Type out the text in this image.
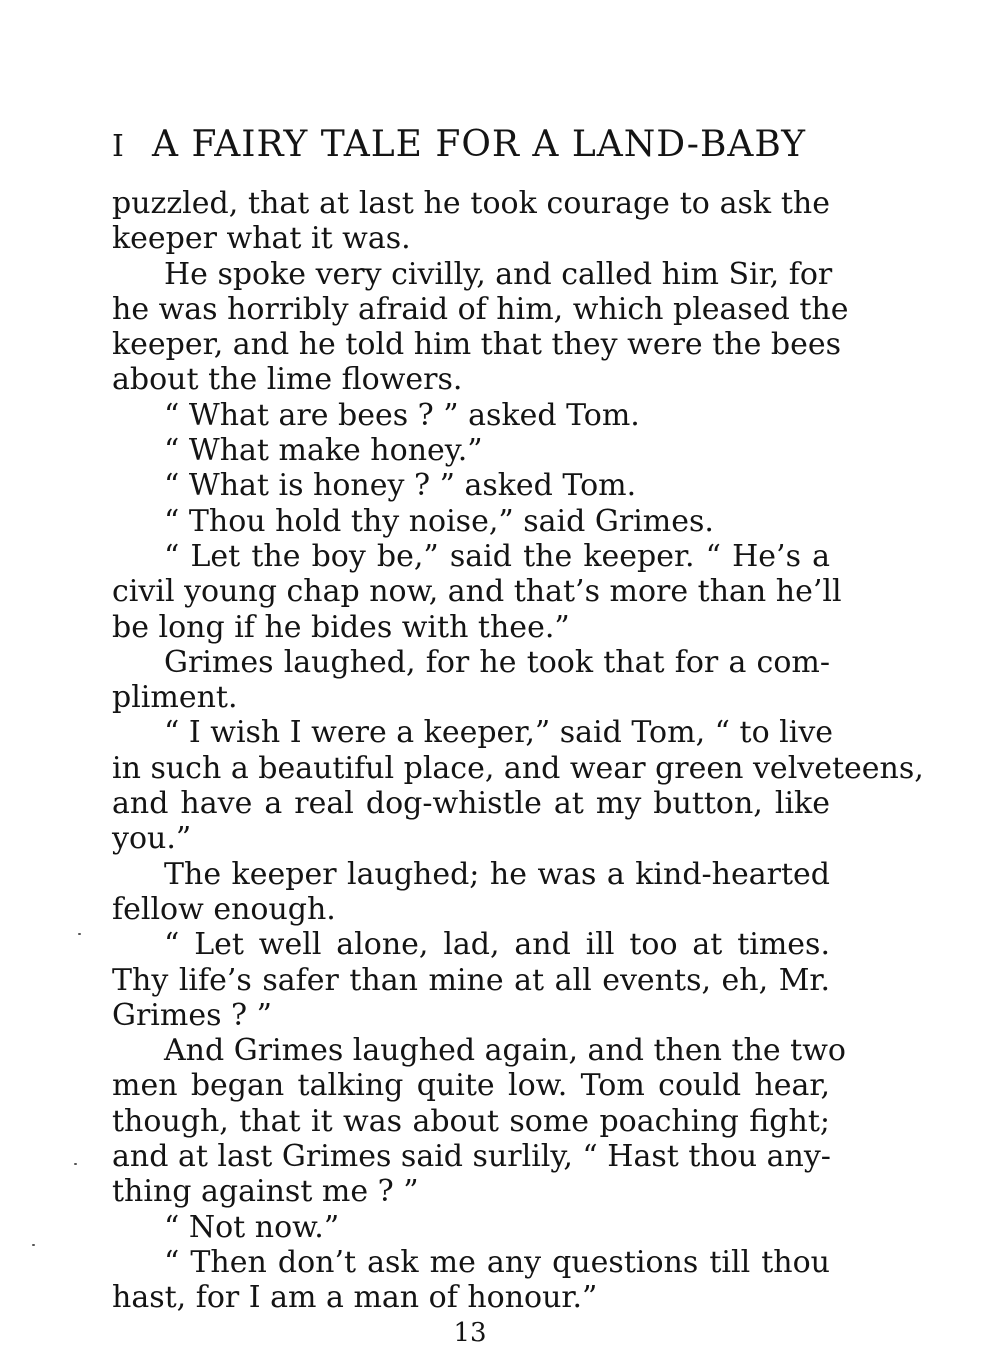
I A FAIRY TALE FOR A LAND-BABY
puzzled, that at last he took courage to ask the
keeper what it was.
He spoke very civilly, and called him Sir, for
he was horribly afraid of him, which pleased the
keeper, and he told him that they were the bees
about the lime flowers.
“ What are bees ? ” asked Tom.
“ What make honey.”
“ What is honey ? ” asked Tom.
“ Thou hold thy noise,” said Grimes.
“ Let the boy be,” said the keeper. “ He’s a
civil young chap now, and that’s more than he’ll
be long if he bides with thee.”
Grimes laughed, for he took that for a com-
pliment.
“ I wish I were a keeper,” said Tom, “ to live
in such a beautiful place, and wear green velveteens,
and have a real dog-whistle at my button, like
you.”
The keeper laughed; he was a kind-hearted
fellow enough.
“ Let well alone, lad, and ill too at times.
Thy life’s safer than mine at all events, eh, Mr.
Grimes ? ”
And Grimes laughed again, and then the two
men began talking quite low. Tom could hear,
though, that it was about some poaching fight;
and at last Grimes said surlily, “ Hast thou any-
thing against me ? ”
“ Not now.”
“ Then don’t ask me any questions till thou
hast, for I am a man of honour.”
13
